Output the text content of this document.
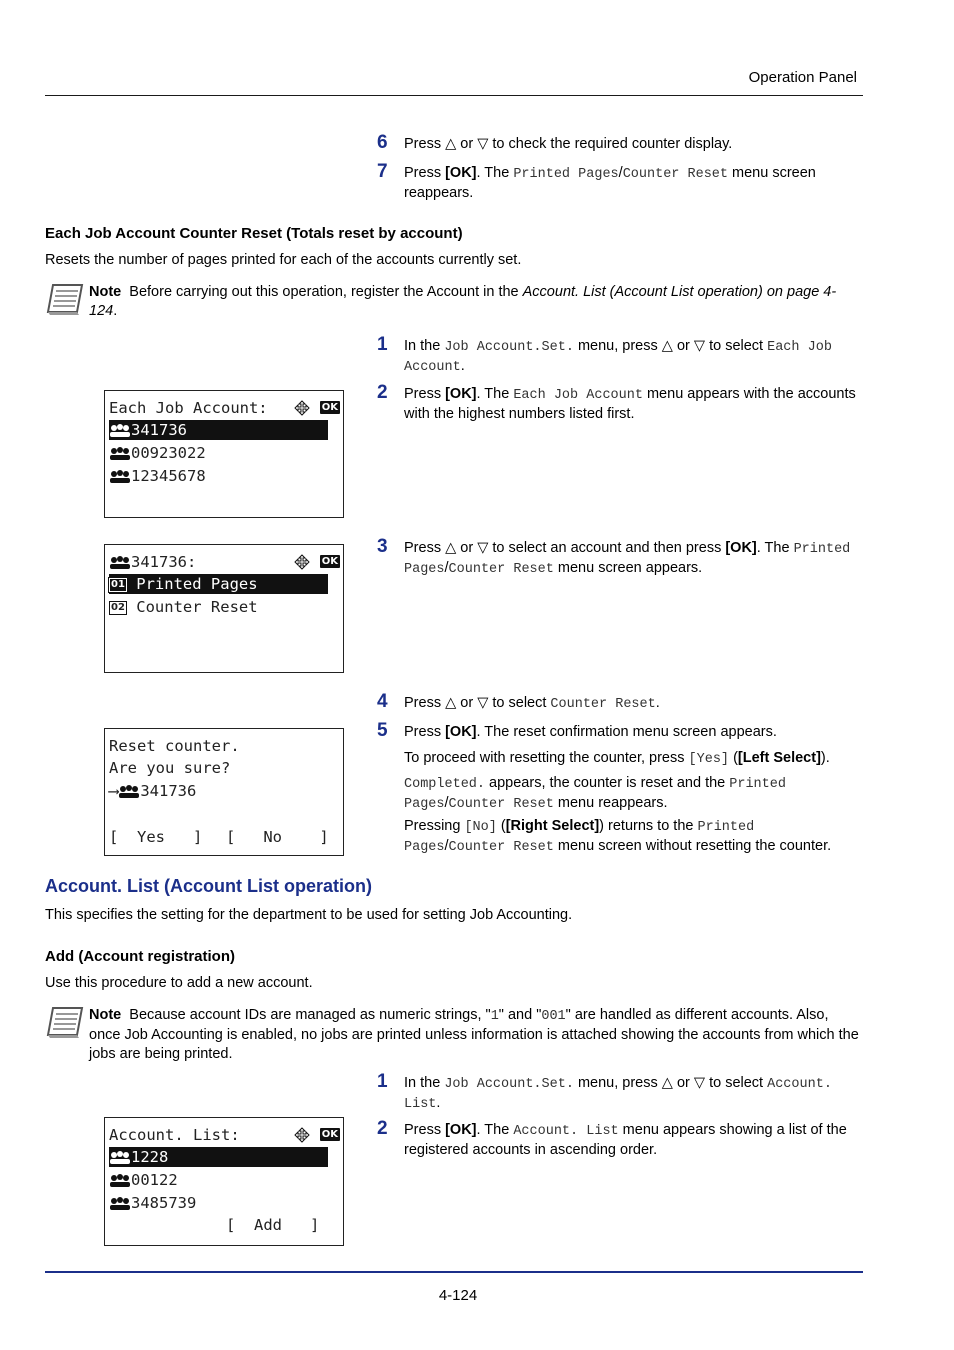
Operation Panel
6 Press △ or ▽ to check the required counter display.
7 Press [OK]. The Printed Pages/Counter Reset menu screen reappears.
Each Job Account Counter Reset (Totals reset by account)
Resets the number of pages printed for each of the accounts currently set.
Note Before carrying out this operation, register the Account in the Account. List (Account List operation) on page 4-124.
1 In the Job Account.Set. menu, press △ or ▽ to select Each Job Account.
2 Press [OK]. The Each Job Account menu appears with the accounts with the highest numbers listed first.
3 Press △ or ▽ to select an account and then press [OK]. The Printed Pages/Counter Reset menu screen appears.
4 Press △ or ▽ to select Counter Reset.
5 Press [OK]. The reset confirmation menu screen appears.
To proceed with resetting the counter, press [Yes] ([Left Select]).
Completed. appears, the counter is reset and the Printed Pages/Counter Reset menu reappears.
Pressing [No] ([Right Select]) returns to the Printed Pages/Counter Reset menu screen without resetting the counter.
Each Job Account:	OK
341736
00923022
12345678
341736:	OK
01 Printed Pages
02 Counter Reset
Reset counter.
Are you sure?
⟶ 341736
[  Yes   ] [   No    ]
Account. List (Account List operation)
This specifies the setting for the department to be used for setting Job Accounting.
Add (Account registration)
Use this procedure to add a new account.
Note Because account IDs are managed as numeric strings, "1" and "001" are handled as different accounts. Also, once Job Accounting is enabled, no jobs are printed unless information is attached showing the accounts from which the jobs are being printed.
1 In the Job Account.Set. menu, press △ or ▽ to select Account. List.
2 Press [OK]. The Account. List menu appears showing a list of the registered accounts in ascending order.
Account. List:	OK
1228
00122
3485739
[  Add   ]
4-124
